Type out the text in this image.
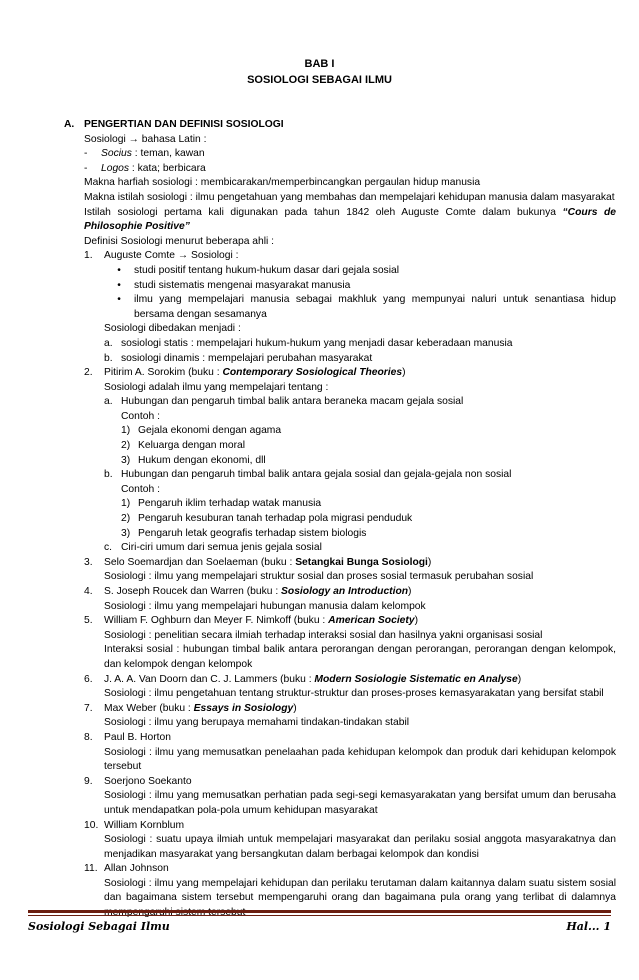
BAB I
SOSIOLOGI SEBAGAI ILMU
A. PENGERTIAN DAN DEFINISI SOSIOLOGI
Sosiologi → bahasa Latin :
-	Socius : teman, kawan
-	Logos : kata; berbicara
Makna harfiah sosiologi : membicarakan/memperbincangkan pergaulan hidup manusia
Makna istilah sosiologi : ilmu pengetahuan yang membahas dan mempelajari kehidupan manusia dalam masyarakat
Istilah sosiologi pertama kali digunakan pada tahun 1842 oleh Auguste Comte dalam bukunya “Cours de Philosophie Positive”
Definisi Sosiologi menurut beberapa ahli :
1.	Auguste Comte → Sosiologi :
•	studi positif tentang hukum-hukum dasar dari gejala sosial
•	studi sistematis mengenai masyarakat manusia
•	ilmu yang mempelajari manusia sebagai makhluk yang mempunyai naluri untuk senantiasa hidup bersama dengan sesamanya
Sosiologi dibedakan menjadi :
a. sosiologi statis : mempelajari hukum-hukum yang menjadi dasar keberadaan manusia
b. sosiologi dinamis : mempelajari perubahan masyarakat
2.	Pitirim A. Sorokim (buku : Contemporary Sosiological Theories)
Sosiologi adalah ilmu yang mempelajari tentang :
a. Hubungan dan pengaruh timbal balik antara beraneka macam gejala sosial
Contoh :
1) Gejala ekonomi dengan agama
2) Keluarga dengan moral
3) Hukum dengan ekonomi, dll
b. Hubungan dan pengaruh timbal balik antara gejala sosial dan gejala-gejala non sosial
Contoh :
1) Pengaruh iklim terhadap watak manusia
2) Pengaruh kesuburan tanah terhadap pola migrasi penduduk
3) Pengaruh letak geografis terhadap sistem biologis
c. Ciri-ciri umum dari semua jenis gejala sosial
3.	Selo Soemardjan dan Soelaeman (buku : Setangkai Bunga Sosiologi)
Sosiologi : ilmu yang mempelajari struktur sosial dan proses sosial termasuk perubahan sosial
4.	S. Joseph Roucek dan Warren (buku : Sosiology an Introduction)
Sosiologi : ilmu yang mempelajari hubungan manusia dalam kelompok
5.	William F. Oghburn dan Meyer F. Nimkoff (buku : American Society)
Sosiologi : penelitian secara ilmiah terhadap interaksi sosial dan hasilnya yakni organisasi sosial
Interaksi sosial : hubungan timbal balik antara perorangan dengan perorangan, perorangan dengan kelompok, dan kelompok dengan kelompok
6.	J. A. A. Van Doorn dan C. J. Lammers (buku : Modern Sosiologie Sistematic en Analyse)
Sosiologi : ilmu pengetahuan tentang struktur-struktur dan proses-proses kemasyarakatan yang bersifat stabil
7.	Max Weber (buku : Essays in Sosiology)
Sosiologi : ilmu yang berupaya memahami tindakan-tindakan stabil
8.	Paul B. Horton
Sosiologi : ilmu yang memusatkan penelaahan pada kehidupan kelompok dan produk dari kehidupan kelompok tersebut
9.	Soerjono Soekanto
Sosiologi : ilmu yang memusatkan perhatian pada segi-segi kemasyarakatan yang bersifat umum dan berusaha untuk mendapatkan pola-pola umum kehidupan masyarakat
10. William Kornblum
Sosiologi : suatu upaya ilmiah untuk mempelajari masyarakat dan perilaku sosial anggota masyarakatnya dan menjadikan masyarakat yang bersangkutan dalam berbagai kelompok dan kondisi
11. Allan Johnson
Sosiologi : ilmu yang mempelajari kehidupan dan perilaku terutaman dalam kaitannya dalam suatu sistem sosial dan bagaimana sistem tersebut mempengaruhi orang dan bagaimana pula orang yang terlibat di dalamnya
Sosiologi Sebagai Ilmu	Hal... 1
